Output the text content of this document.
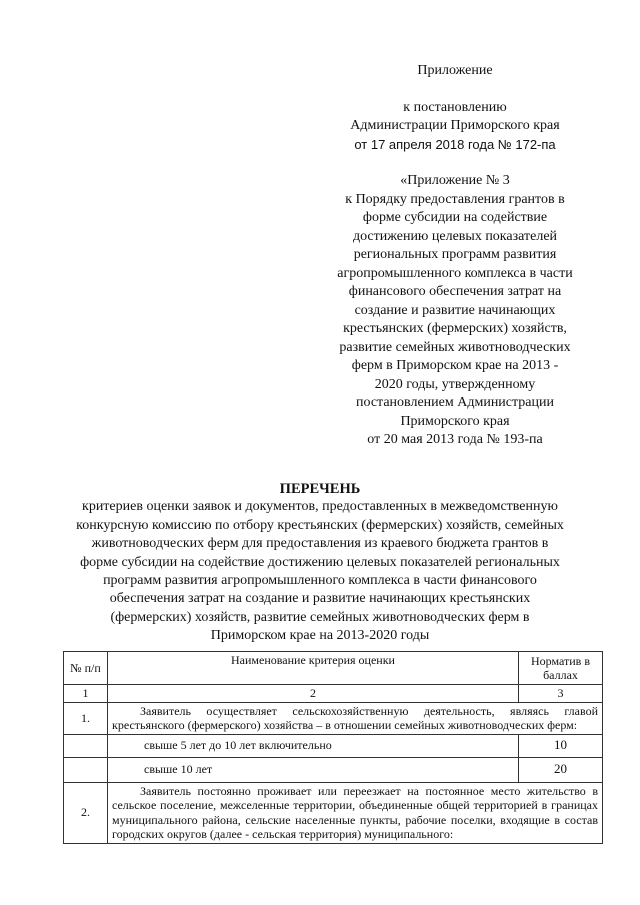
Приложение
к постановлению
Администрации Приморского края
от 17 апреля 2018 года № 172-па
«Приложение № 3
к Порядку предоставления грантов в
форме субсидии на содействие
достижению целевых показателей
региональных программ развития
агропромышленного комплекса в части
финансового обеспечения затрат на
создание и развитие начинающих
крестьянских (фермерских) хозяйств,
развитие семейных животноводческих
ферм в Приморском крае на 2013 -
2020 годы, утвержденному
постановлением Администрации
Приморского края
от 20 мая 2013 года № 193-па
ПЕРЕЧЕНЬ
критериев оценки заявок и документов, предоставленных в межведомственную
конкурсную комиссию по отбору крестьянских (фермерских) хозяйств, семейных
животноводческих ферм для предоставления из краевого бюджета грантов в
форме субсидии на содействие достижению целевых показателей региональных
программ развития агропромышленного комплекса в части финансового
обеспечения затрат на создание и развитие начинающих крестьянских
(фермерских) хозяйств, развитие семейных животноводческих ферм в
Приморском крае на 2013-2020 годы
№ п/п	Наименование критерия оценки	Норматив в баллах
1	2	3
1.	Заявитель осуществляет сельскохозяйственную деятельность, являясь главой крестьянского (фермерского) хозяйства – в отношении семейных животноводческих ферм:	
	свыше 5 лет до 10 лет включительно	10
	свыше 10 лет	20
2.	Заявитель постоянно проживает или переезжает на постоянное место жительство в сельское поселение, межселенные территории, объединенные общей территорией в границах муниципального района, сельские населенные пункты, рабочие поселки, входящие в состав городских округов (далее - сельская территория) муниципального:	
